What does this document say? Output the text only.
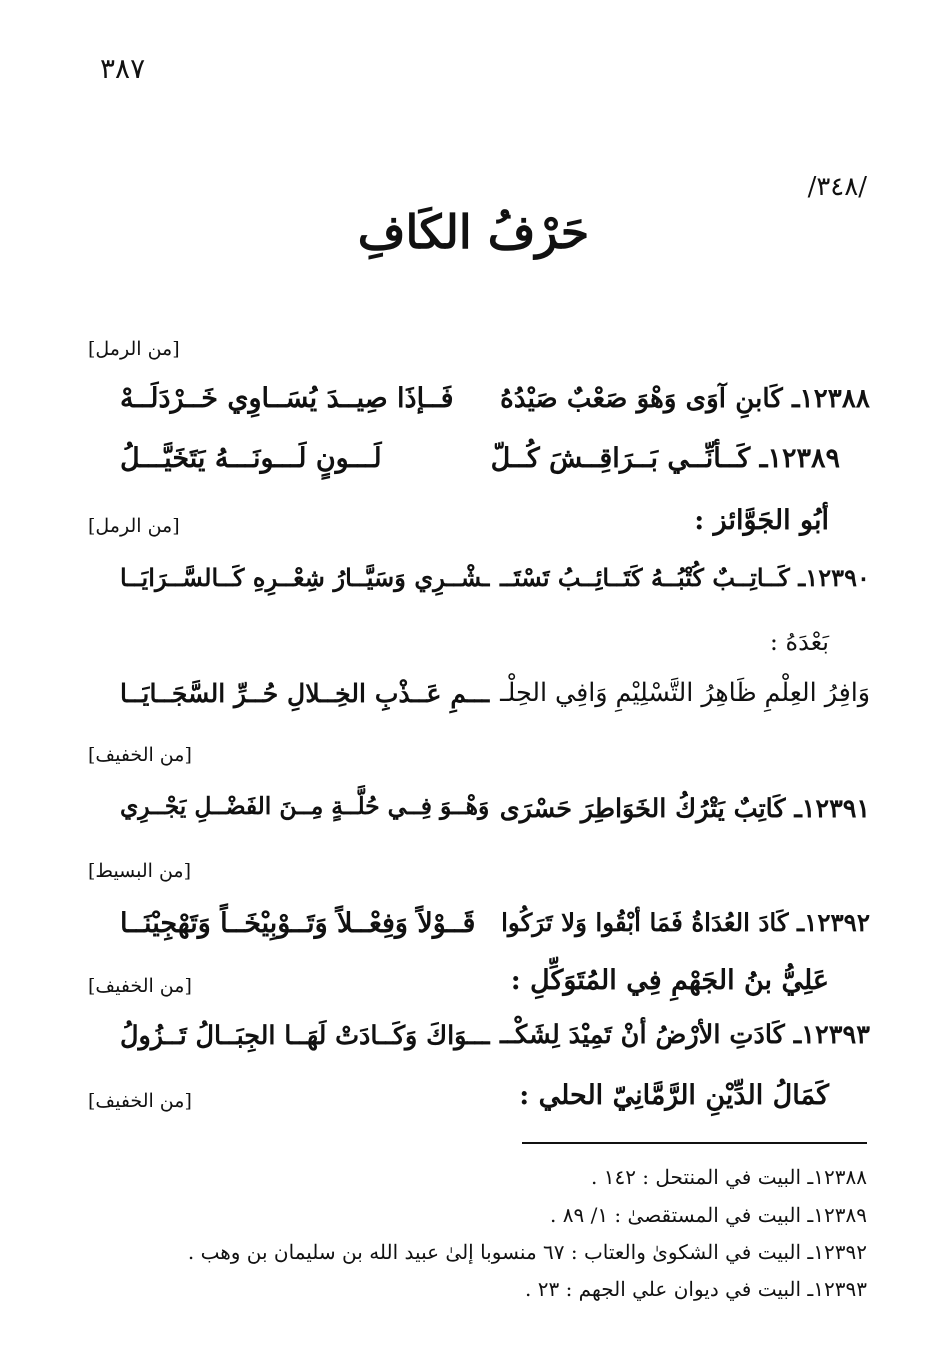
٣٨٧
/٣٤٨/
حَرْفُ الكَافِ
[من الرمل]
١٢٣٨٨ـ كَابنِ آوَى وَهْوَ صَعْبٌ صَيْدُهُ
فَــإذَا صِيــدَ يُسَــاوِي خَــرْدَلَــهْ
١٢٣٨٩ـ كَــأنِّــي بَــرَاقِــشَ كُــلّ
لَـــونٍ لَـــونَـــهُ يَتَخَيَّـــلُ
أبُو الجَوَّائز :
[من الرمل]
١٢٣٩٠ـ كَــاتِــبٌ كُتْبُــهُ كَتَــائِــبُ تَسْتَــ
ـشْــرِي وَسَيَّــارُ شِعْــرِهِ كَــالسَّــرَايَــا
بَعْدَهُ :
وَافِرُ العِلْمِ ظَاهِرُ التَّسْلِيْمِ وَافِي الحِلْـ
ـــمِ عَــذْبِ الخِــلالِ حُــرِّ السَّجَــايَــا
[من الخفيف]
١٢٣٩١ـ كَاتِبٌ يَتْرُكُ الخَوَاطِرَ حَسْرَى
وَهْــوَ فِــي حُلَّــةٍ مِــنَ الفَضْــلِ يَجْــرِي
[من البسيط]
١٢٣٩٢ـ كَادَ العُدَاةُ فَمَا أبْقُوا وَلا تَرَكُوا
قَــوْلاً وَفِعْــلاً وَتَــوْبِيْخَــاً وَتَهْجِيْنَــا
عَلِيُّ بنُ الجَهْمِ فِي المُتَوَكِّلِ :
[من الخفيف]
١٢٣٩٣ـ كَادَتِ الأرْضُ أنْ تَمِيْدَ لِشَكْــ
ـــوَاكَ وَكَــادَتْ لَهَــا الجِبَــالُ تَــزُولُ
كَمَالُ الدِّيْنِ الرَّمَّانِيّ الحلي :
[من الخفيف]
١٢٣٨٨ـ البيت في المنتحل : ١٤٢ .
١٢٣٨٩ـ البيت في المستقصىٰ : ١/ ٨٩ .
١٢٣٩٢ـ البيت في الشكوىٰ والعتاب : ٦٧ منسوبا إلىٰ عبيد الله بن سليمان بن وهب .
١٢٣٩٣ـ البيت في ديوان علي الجهم : ٢٣ .
